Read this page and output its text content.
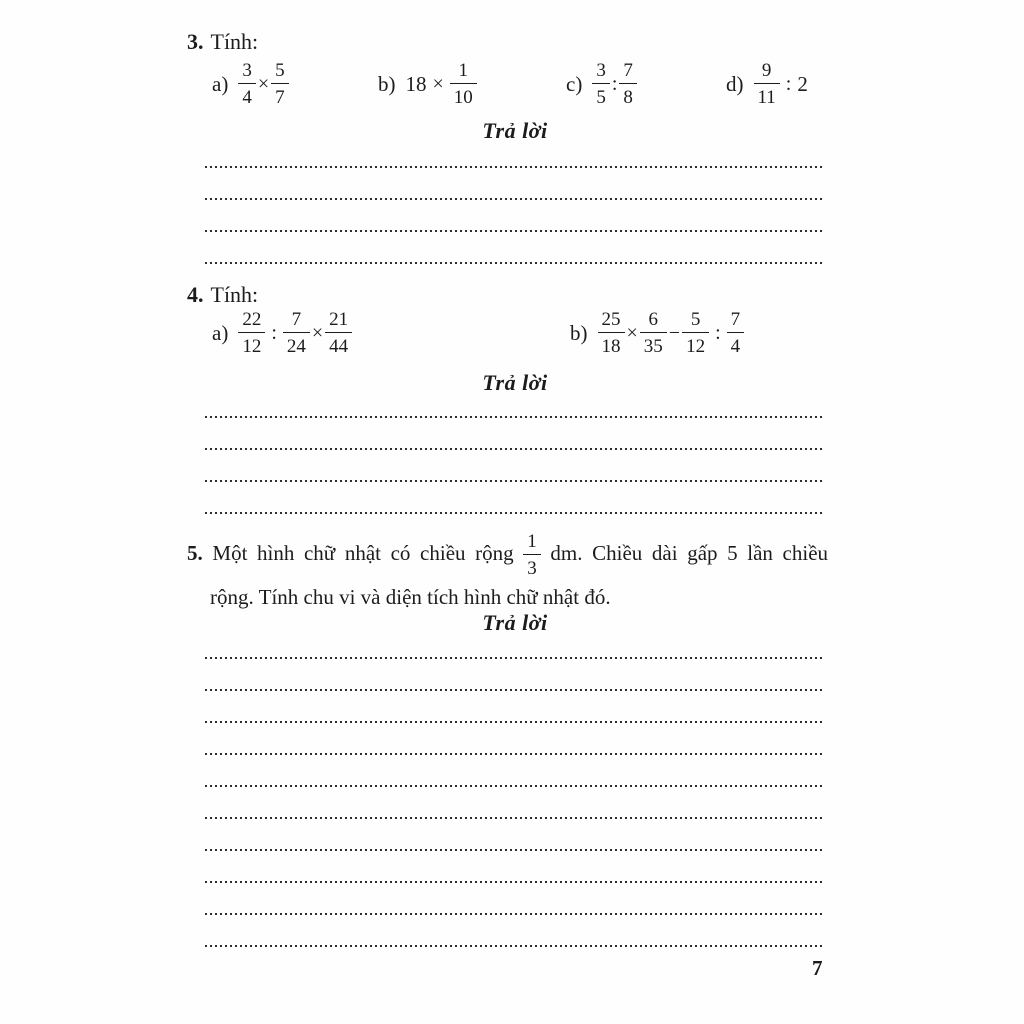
3. Tính:
$a) \frac{3}{4} \times \frac{5}{7}$	b) $18 \times \frac{1}{10}$	$c) \frac{3}{5}$ : $\frac{7}{8}$	$d) \frac{9}{11}$ : 2
Trả lời
4. Tính:
$a) \frac{22}{12}$ : $\frac{7}{24} \times \frac{21}{44}$	$b) \frac{25}{18} \times \frac{6}{35} - \frac{5}{12}$ : $\frac{7}{4}$
Trả lời
5. Một hình chữ nhật có chiều rộng $\frac{1}{3}$ dm. Chiều dài gấp 5 lần chiều
rộng. Tính chu vi và diện tích hình chữ nhật đó.
Trả lời
7
